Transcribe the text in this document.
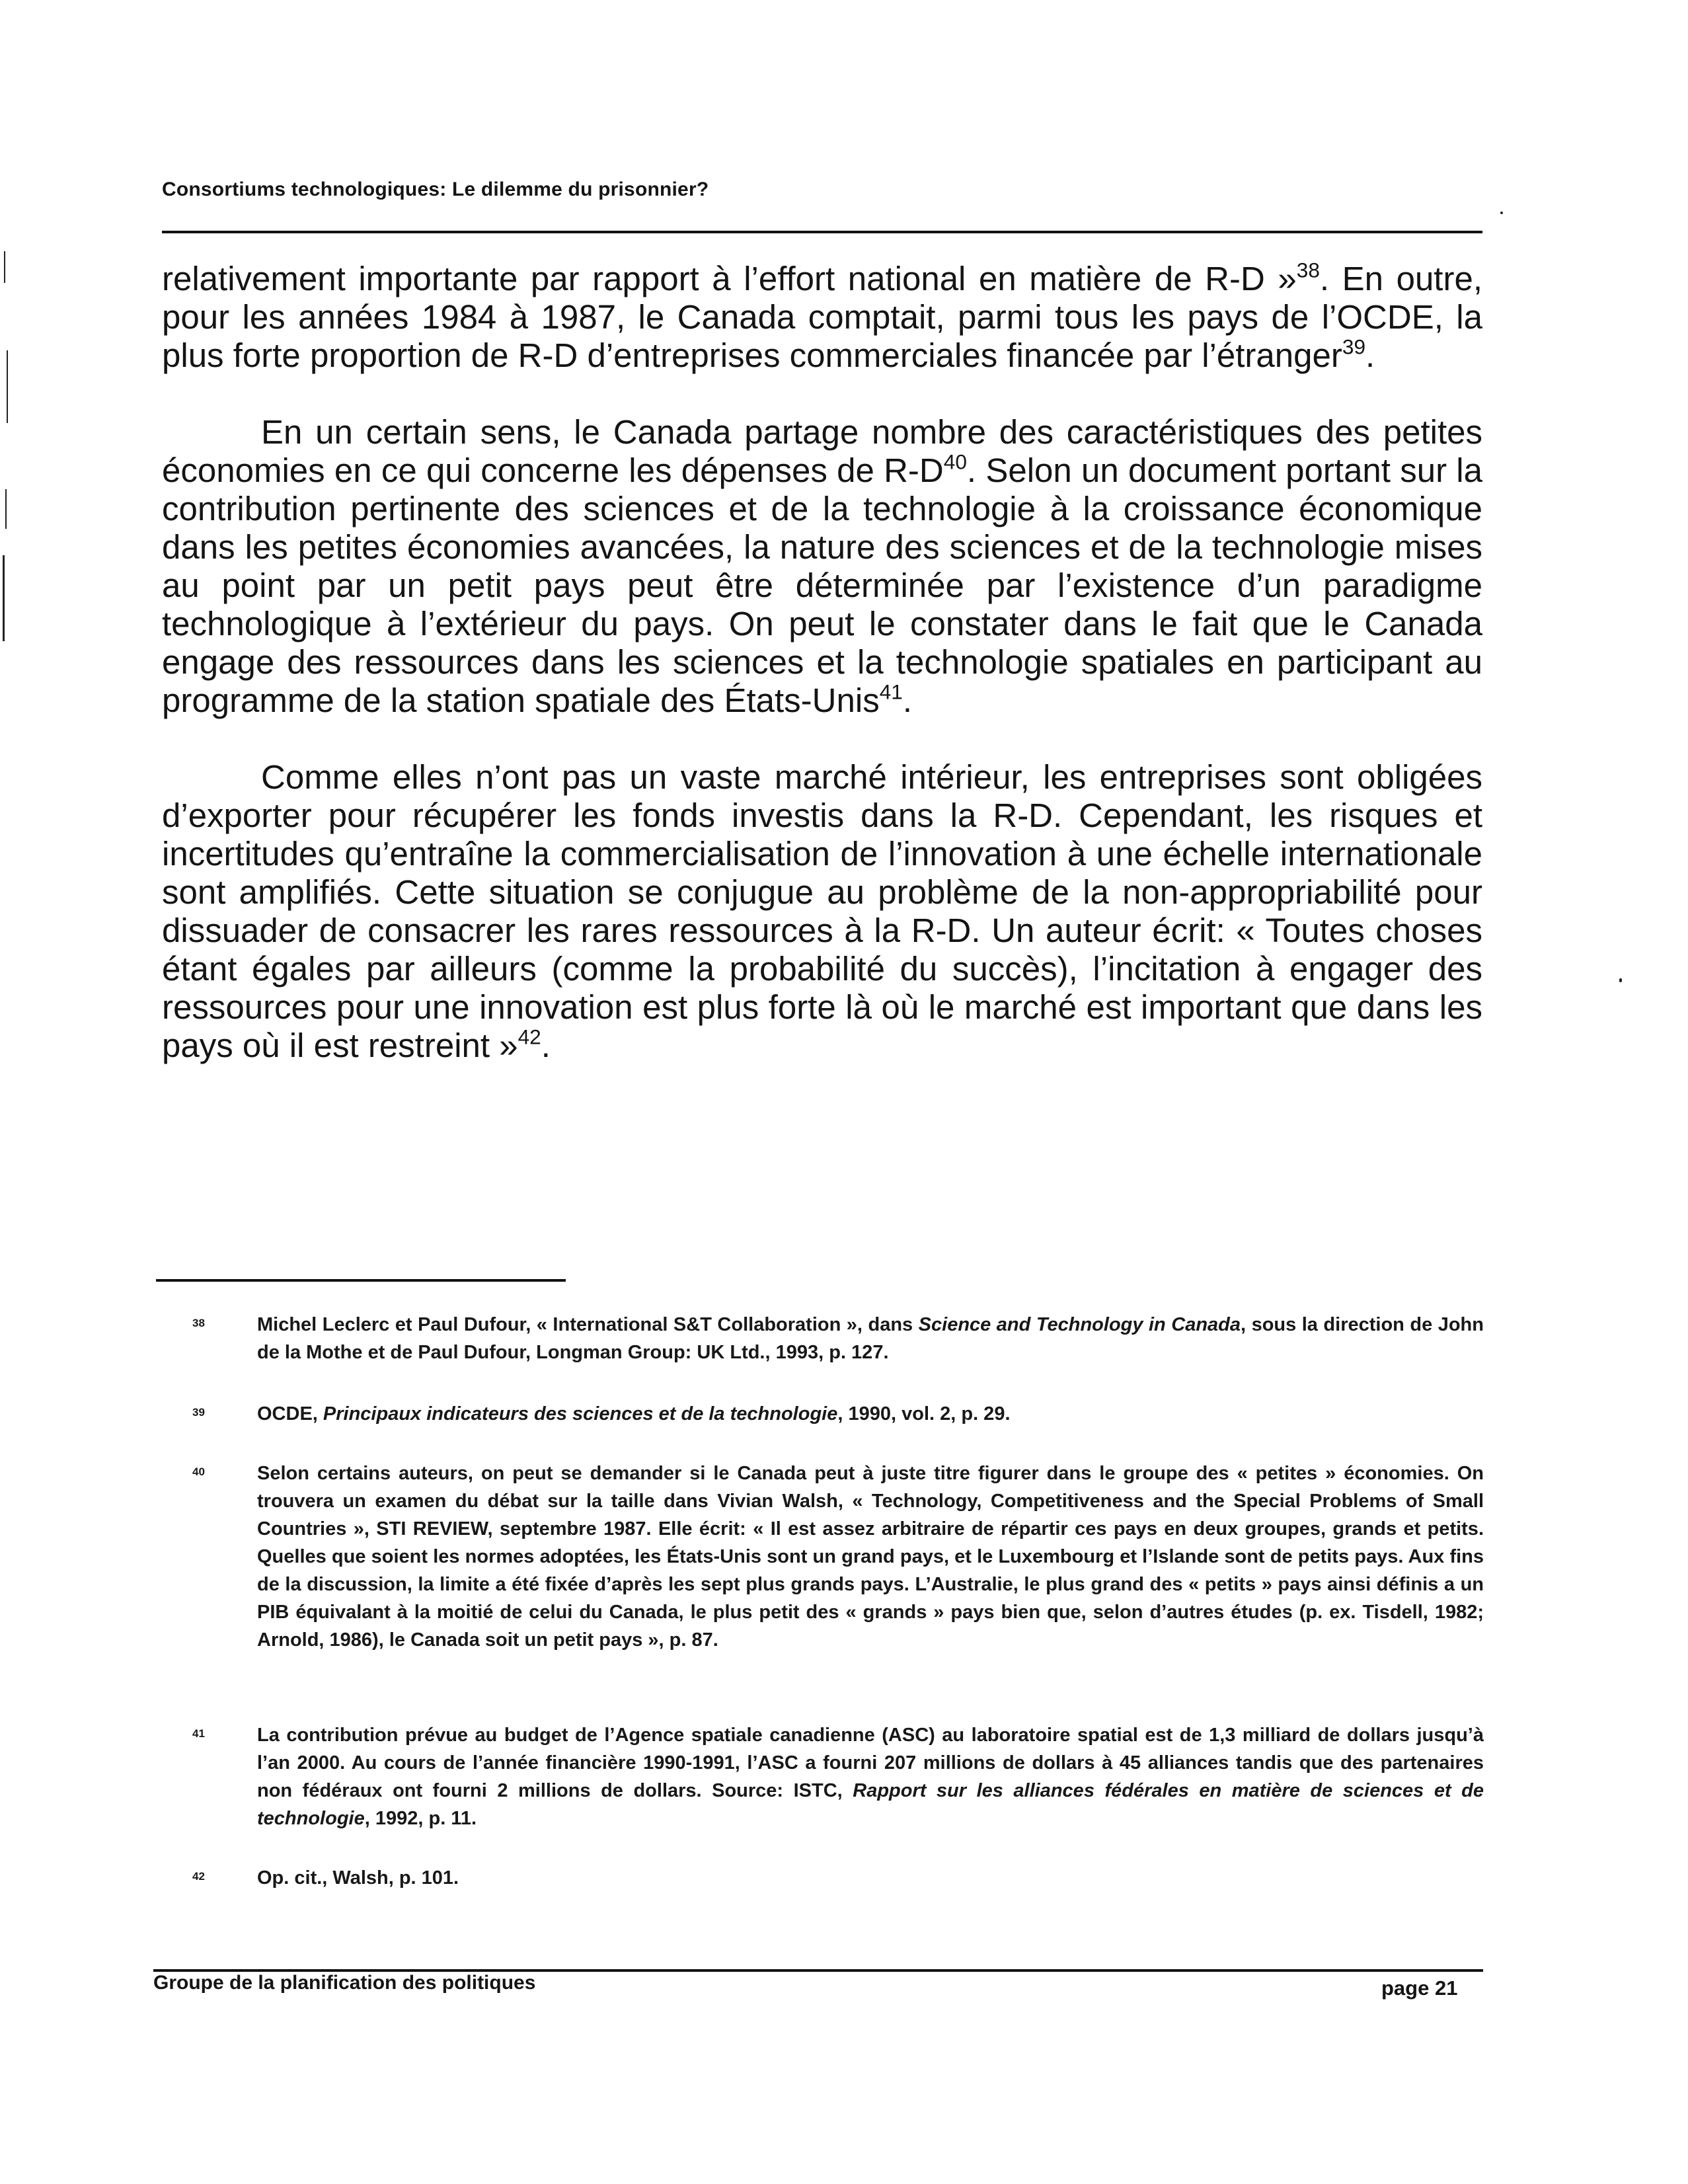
Consortiums technologiques: Le dilemme du prisonnier?

relativement importante par rapport à l’effort national en matière de R-D »$^{38}$. En outre, pour les années 1984 à 1987, le Canada comptait, parmi tous les pays de l’OCDE, la plus forte proportion de R-D d’entreprises commerciales financée par l’étranger$^{39}$.

En un certain sens, le Canada partage nombre des caractéristiques des petites économies en ce qui concerne les dépenses de $R-D^{40}$. Selon un document portant sur la contribution pertinente des sciences et de la technologie à la croissance économique dans les petites économies avancées, la nature des sciences et de la technologie mises au point par un petit pays peut être déterminée par l’existence d’un paradigme technologique à l’extérieur du pays. On peut le constater dans le fait que le Canada engage des ressources dans les sciences et la technologie spatiales en participant au programme de la station spatiale des États-Unis$^{41}$.

Comme elles n’ont pas un vaste marché intérieur, les entreprises sont obligées d’exporter pour récupérer les fonds investis dans la R-D. Cependant, les risques et incertitudes qu’entraîne la commercialisation de l’innovation à une échelle internationale sont amplifiés. Cette situation se conjugue au problème de la non-appropriabilité pour dissuader de consacrer les rares ressources à la R-D. Un auteur écrit: « Toutes choses étant égales par ailleurs (comme la probabilité du succès), l’incitation à engager des ressources pour une innovation est plus forte là où le marché est important que dans les pays où il est restreint »$^{42}$.

38	Michel Leclerc et Paul Dufour, « International S&T Collaboration », dans Science and Technology in Canada, sous la direction de John de la Mothe et de Paul Dufour, Longman Group: UK Ltd., 1993, p. 127.
39	OCDE, Principaux indicateurs des sciences et de la technologie, 1990, vol. 2, p. 29.
40	Selon certains auteurs, on peut se demander si le Canada peut à juste titre figurer dans le groupe des « petites » économies. On trouvera un examen du débat sur la taille dans Vivian Walsh, « Technology, Competitiveness and the Special Problems of Small Countries », STI REVIEW, septembre 1987. Elle écrit: « Il est assez arbitraire de répartir ces pays en deux groupes, grands et petits. Quelles que soient les normes adoptées, les États-Unis sont un grand pays, et le Luxembourg et l’Islande sont de petits pays. Aux fins de la discussion, la limite a été fixée d’après les sept plus grands pays. L’Australie, le plus grand des « petits » pays ainsi définis a un PIB équivalant à la moitié de celui du Canada, le plus petit des « grands » pays bien que, selon d’autres études (p. ex. Tisdell, 1982; Arnold, 1986), le Canada soit un petit pays », p. 87.
41	La contribution prévue au budget de l’Agence spatiale canadienne (ASC) au laboratoire spatial est de 1,3 milliard de dollars jusqu’à l’an 2000. Au cours de l’année financière 1990-1991, l’ASC a fourni 207 millions de dollars à 45 alliances tandis que des partenaires non fédéraux ont fourni 2 millions de dollars. Source: ISTC, Rapport sur les alliances fédérales en matière de sciences et de technologie, 1992, p. 11.
42	Op. cit., Walsh, p. 101.
Groupe de la planification des politiques	page 21
